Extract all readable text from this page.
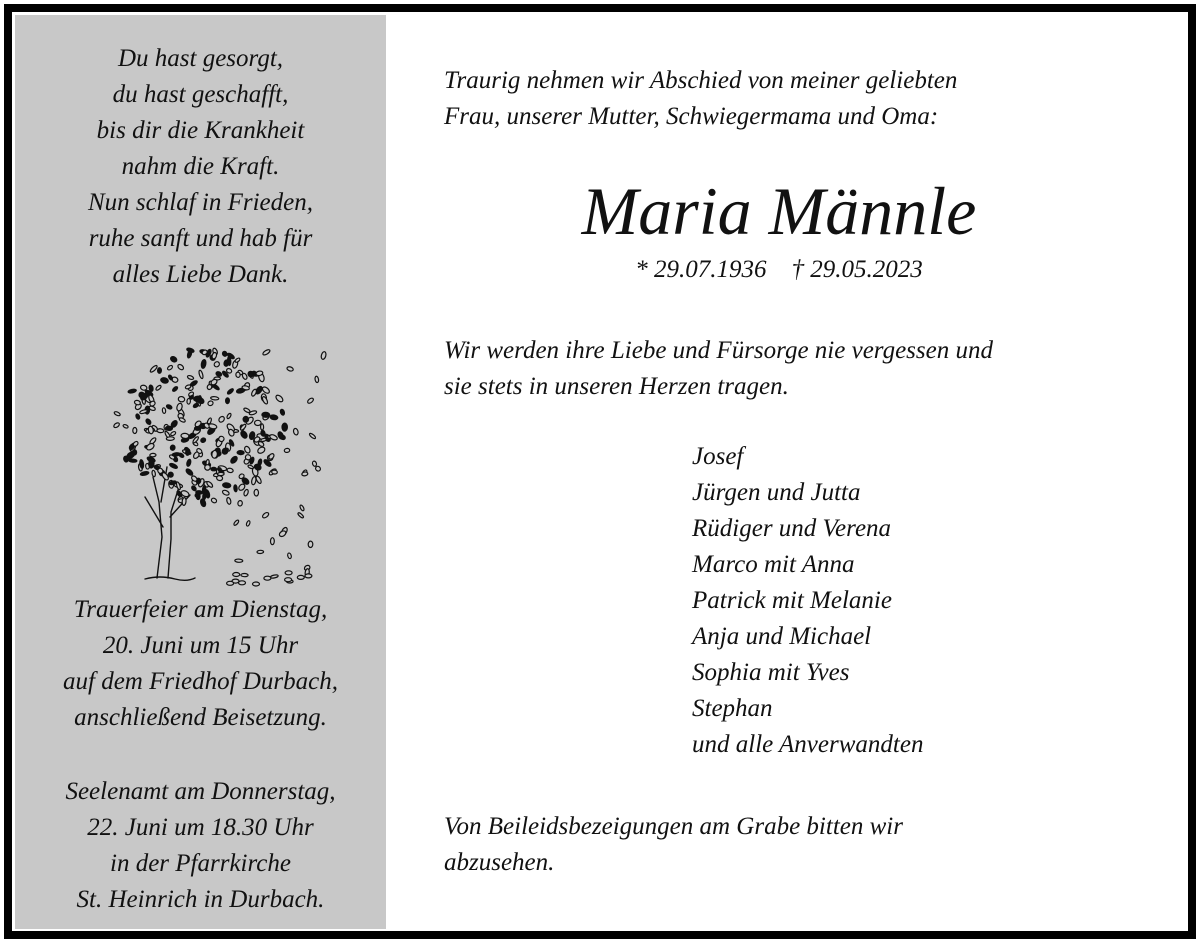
Du hast gesorgt,
du hast geschafft,
bis dir die Krankheit
nahm die Kraft.
Nun schlaf in Frieden,
ruhe sanft und hab für
alles Liebe Dank.
Trauerfeier am Dienstag,
20. Juni um 15 Uhr
auf dem Friedhof Durbach,
anschließend Beisetzung.
Seelenamt am Donnerstag,
22. Juni um 18.30 Uhr
in der Pfarrkirche
St. Heinrich in Durbach.
Traurig nehmen wir Abschied von meiner geliebten
Frau, unserer Mutter, Schwiegermama und Oma:
Maria Männle
* 29.07.1936 † 29.05.2023
Wir werden ihre Liebe und Fürsorge nie vergessen und
sie stets in unseren Herzen tragen.
Josef
Jürgen und Jutta
Rüdiger und Verena
Marco mit Anna
Patrick mit Melanie
Anja und Michael
Sophia mit Yves
Stephan
und alle Anverwandten
Von Beileidsbezeigungen am Grabe bitten wir
abzusehen.
